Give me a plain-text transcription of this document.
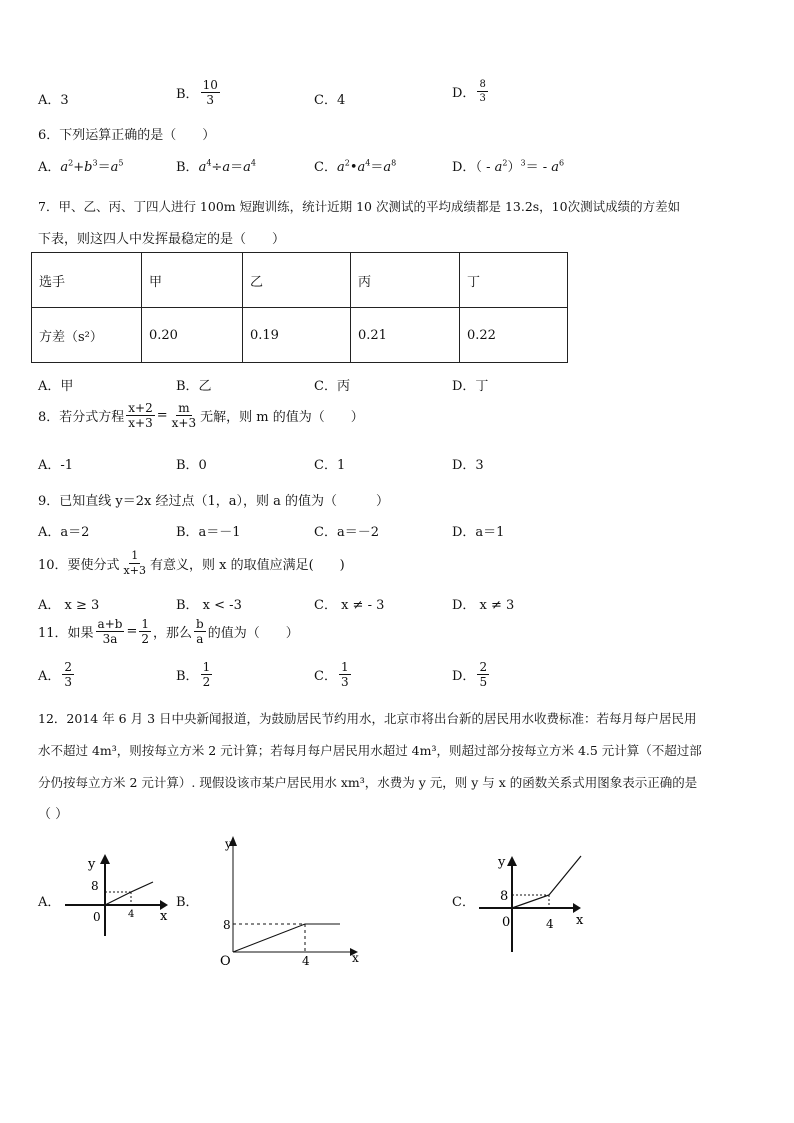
A．3	B． $\frac{10}{3}$	C．4	D． $\frac{8}{3}$
6．下列运算正确的是（　　）
A．$a^2+b^3=a^5$	B．$a^4\div a=a^4$	C．$a^2•a^4=a^8$	D．（ - $a^2)^3= - a^6$
7．甲、乙、丙、丁四人进行 100m 短跑训练，统计近期 10 次测试的平均成绩都是 13.2s，10次测试成绩的方差如
下表，则这四人中发挥最稳定的是（　　）
选手	甲	乙	丙	丁
方差（s²）	0.20	0.19	0.21	0.22
A．甲	B．乙	C．丙	D．丁
8．若分式方程 $\frac{x+2}{x+3} = \frac{m}{x+3}$ 无解，则 m 的值为（　　）
A．-1	B．0	C．1	D．3
9．已知直线 y＝2x 经过点（1，a），则 a 的值为（　　　）
A．a＝2	B．a＝－1	C．a＝－2	D．a＝1
10．要使分式 $\frac{1}{x+3}$ 有意义，则 x 的取值应满足(　　)
A． x ≥ 3	B． x < -3	C． x ≠ - 3	D． x ≠ 3
11．如果 $\frac{a+b}{3a} = \frac{1}{2}$ ，那么 $\frac{b}{a}$ 的值为（　　）
A． $\frac{2}{3}$	B． $\frac{1}{2}$	C． $\frac{1}{3}$	D． $\frac{2}{5}$
12．2014 年 6 月 3 日中央新闻报道，为鼓励居民节约用水，北京市将出台新的居民用水收费标准：若每月每户居民用
水不超过 4m³，则按每立方米 2 元计算；若每月每户居民用水超过 4m³，则超过部分按每立方米 4.5 元计算（不超过部
分仍按每立方米 2 元计算）. 现假设该市某户居民用水 xm³，水费为 y 元，则 y 与 x 的函数关系式用图象表示正确的是
（ ）
A．
y
x
8
0	4
B．
y
x
8
O	4
C．
y
x
8
0	4
